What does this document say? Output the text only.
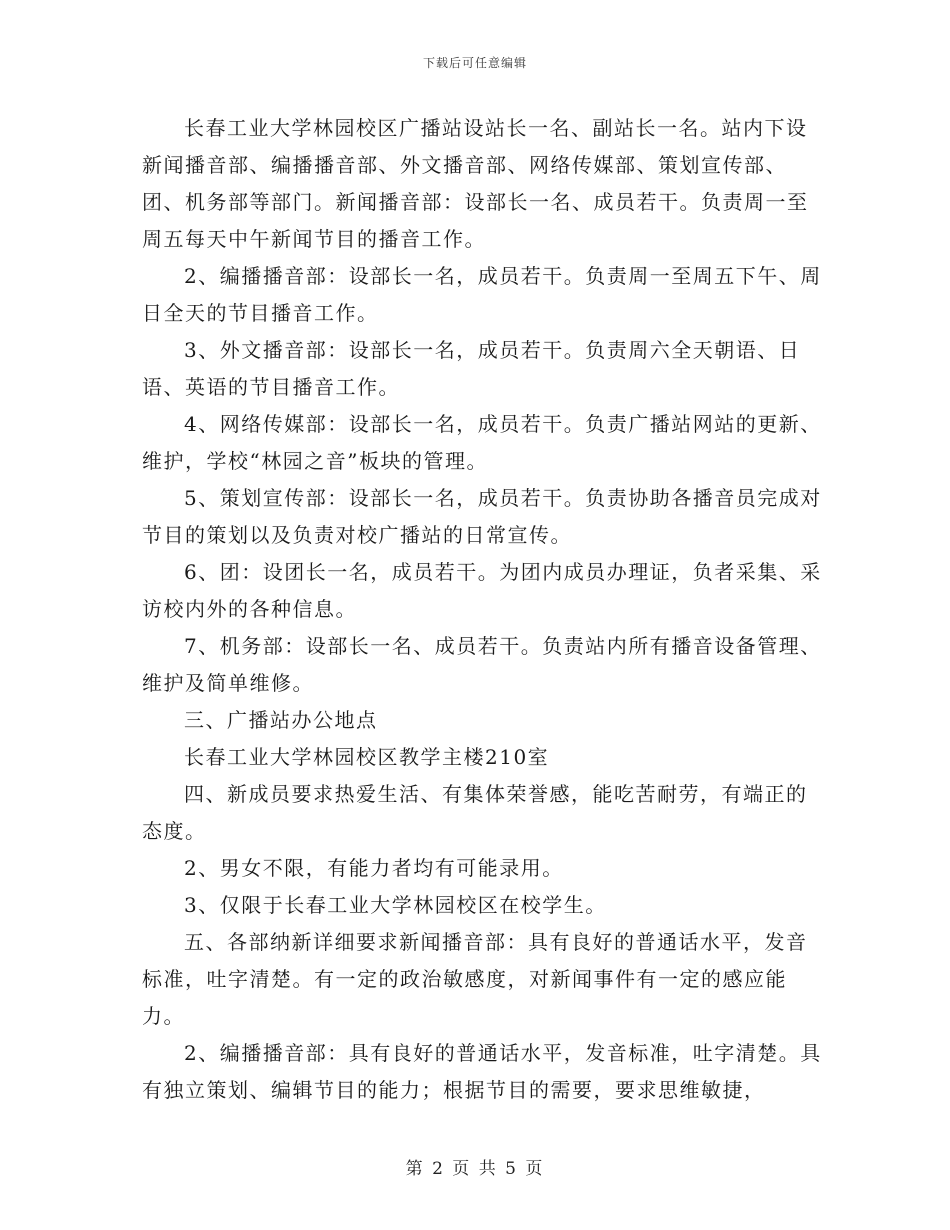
下载后可任意编辑

长春工业大学林园校区广播站设站长一名、副站长一名。站内下设新闻播音部、编播播音部、外文播音部、网络传媒部、策划宣传部、团、机务部等部门。新闻播音部：设部长一名、成员若干。负责周一至周五每天中午新闻节目的播音工作。

2、编播播音部：设部长一名，成员若干。负责周一至周五下午、周日全天的节目播音工作。

3、外文播音部：设部长一名，成员若干。负责周六全天朝语、日语、英语的节目播音工作。

4、网络传媒部：设部长一名，成员若干。负责广播站网站的更新、维护，学校“林园之音”板块的管理。

5、策划宣传部：设部长一名，成员若干。负责协助各播音员完成对节目的策划以及负责对校广播站的日常宣传。

6、团：设团长一名，成员若干。为团内成员办理证，负者采集、采访校内外的各种信息。

7、机务部：设部长一名、成员若干。负责站内所有播音设备管理、维护及简单维修。

三、广播站办公地点

长春工业大学林园校区教学主楼210室

四、新成员要求热爱生活、有集体荣誉感，能吃苦耐劳，有端正的态度。

2、男女不限，有能力者均有可能录用。

3、仅限于长春工业大学林园校区在校学生。

五、各部纳新详细要求新闻播音部：具有良好的普通话水平，发音标准，吐字清楚。有一定的政治敏感度，对新闻事件有一定的感应能力。

2、编播播音部：具有良好的普通话水平，发音标准，吐字清楚。具有独立策划、编辑节目的能力；根据节目的需要，要求思维敏捷，

第 2 页 共 5 页
